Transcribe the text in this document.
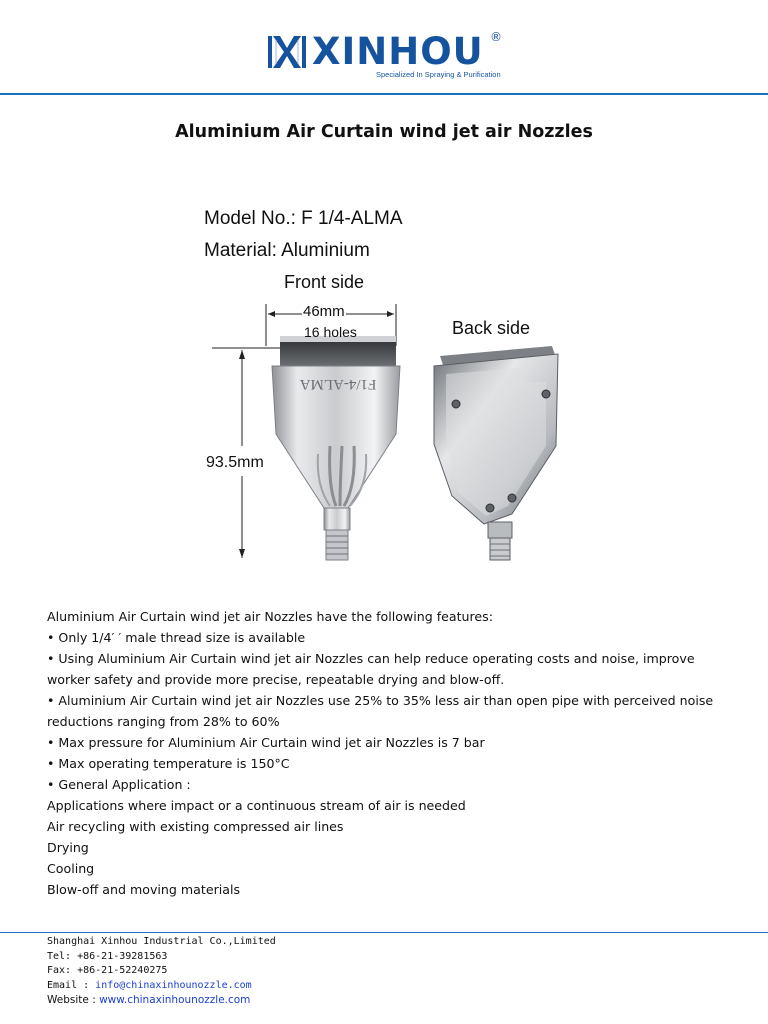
XINHOU ®
Specialized In Spraying & Purification
Aluminium Air Curtain wind jet air Nozzles
F1/4-ALMA
Model No.: F 1/4-ALMA
Material: Aluminium
Front side
Back side
46mm
16 holes
93.5mm

Aluminium Air Curtain wind jet air Nozzles have the following features:

• Only 1/4′ ′ male thread size is available

• Using Aluminium Air Curtain wind jet air Nozzles can help reduce operating costs and noise, improve worker safety and provide more precise, repeatable drying and blow-off.

• Aluminium Air Curtain wind jet air Nozzles use 25% to 35% less air than open pipe with perceived noise reductions ranging from 28% to 60%

• Max pressure for Aluminium Air Curtain wind jet air Nozzles is 7 bar

• Max operating temperature is 150°C

• General Application :

Applications where impact or a continuous stream of air is needed

Air recycling with existing compressed air lines

Drying

Cooling

Blow-off and moving materials

Shanghai Xinhou Industrial Co.,Limited

Tel: +86-21-39281563

Fax: +86-21-52240275

Email : info@chinaxinhounozzle.com

Website : www.chinaxinhounozzle.com
